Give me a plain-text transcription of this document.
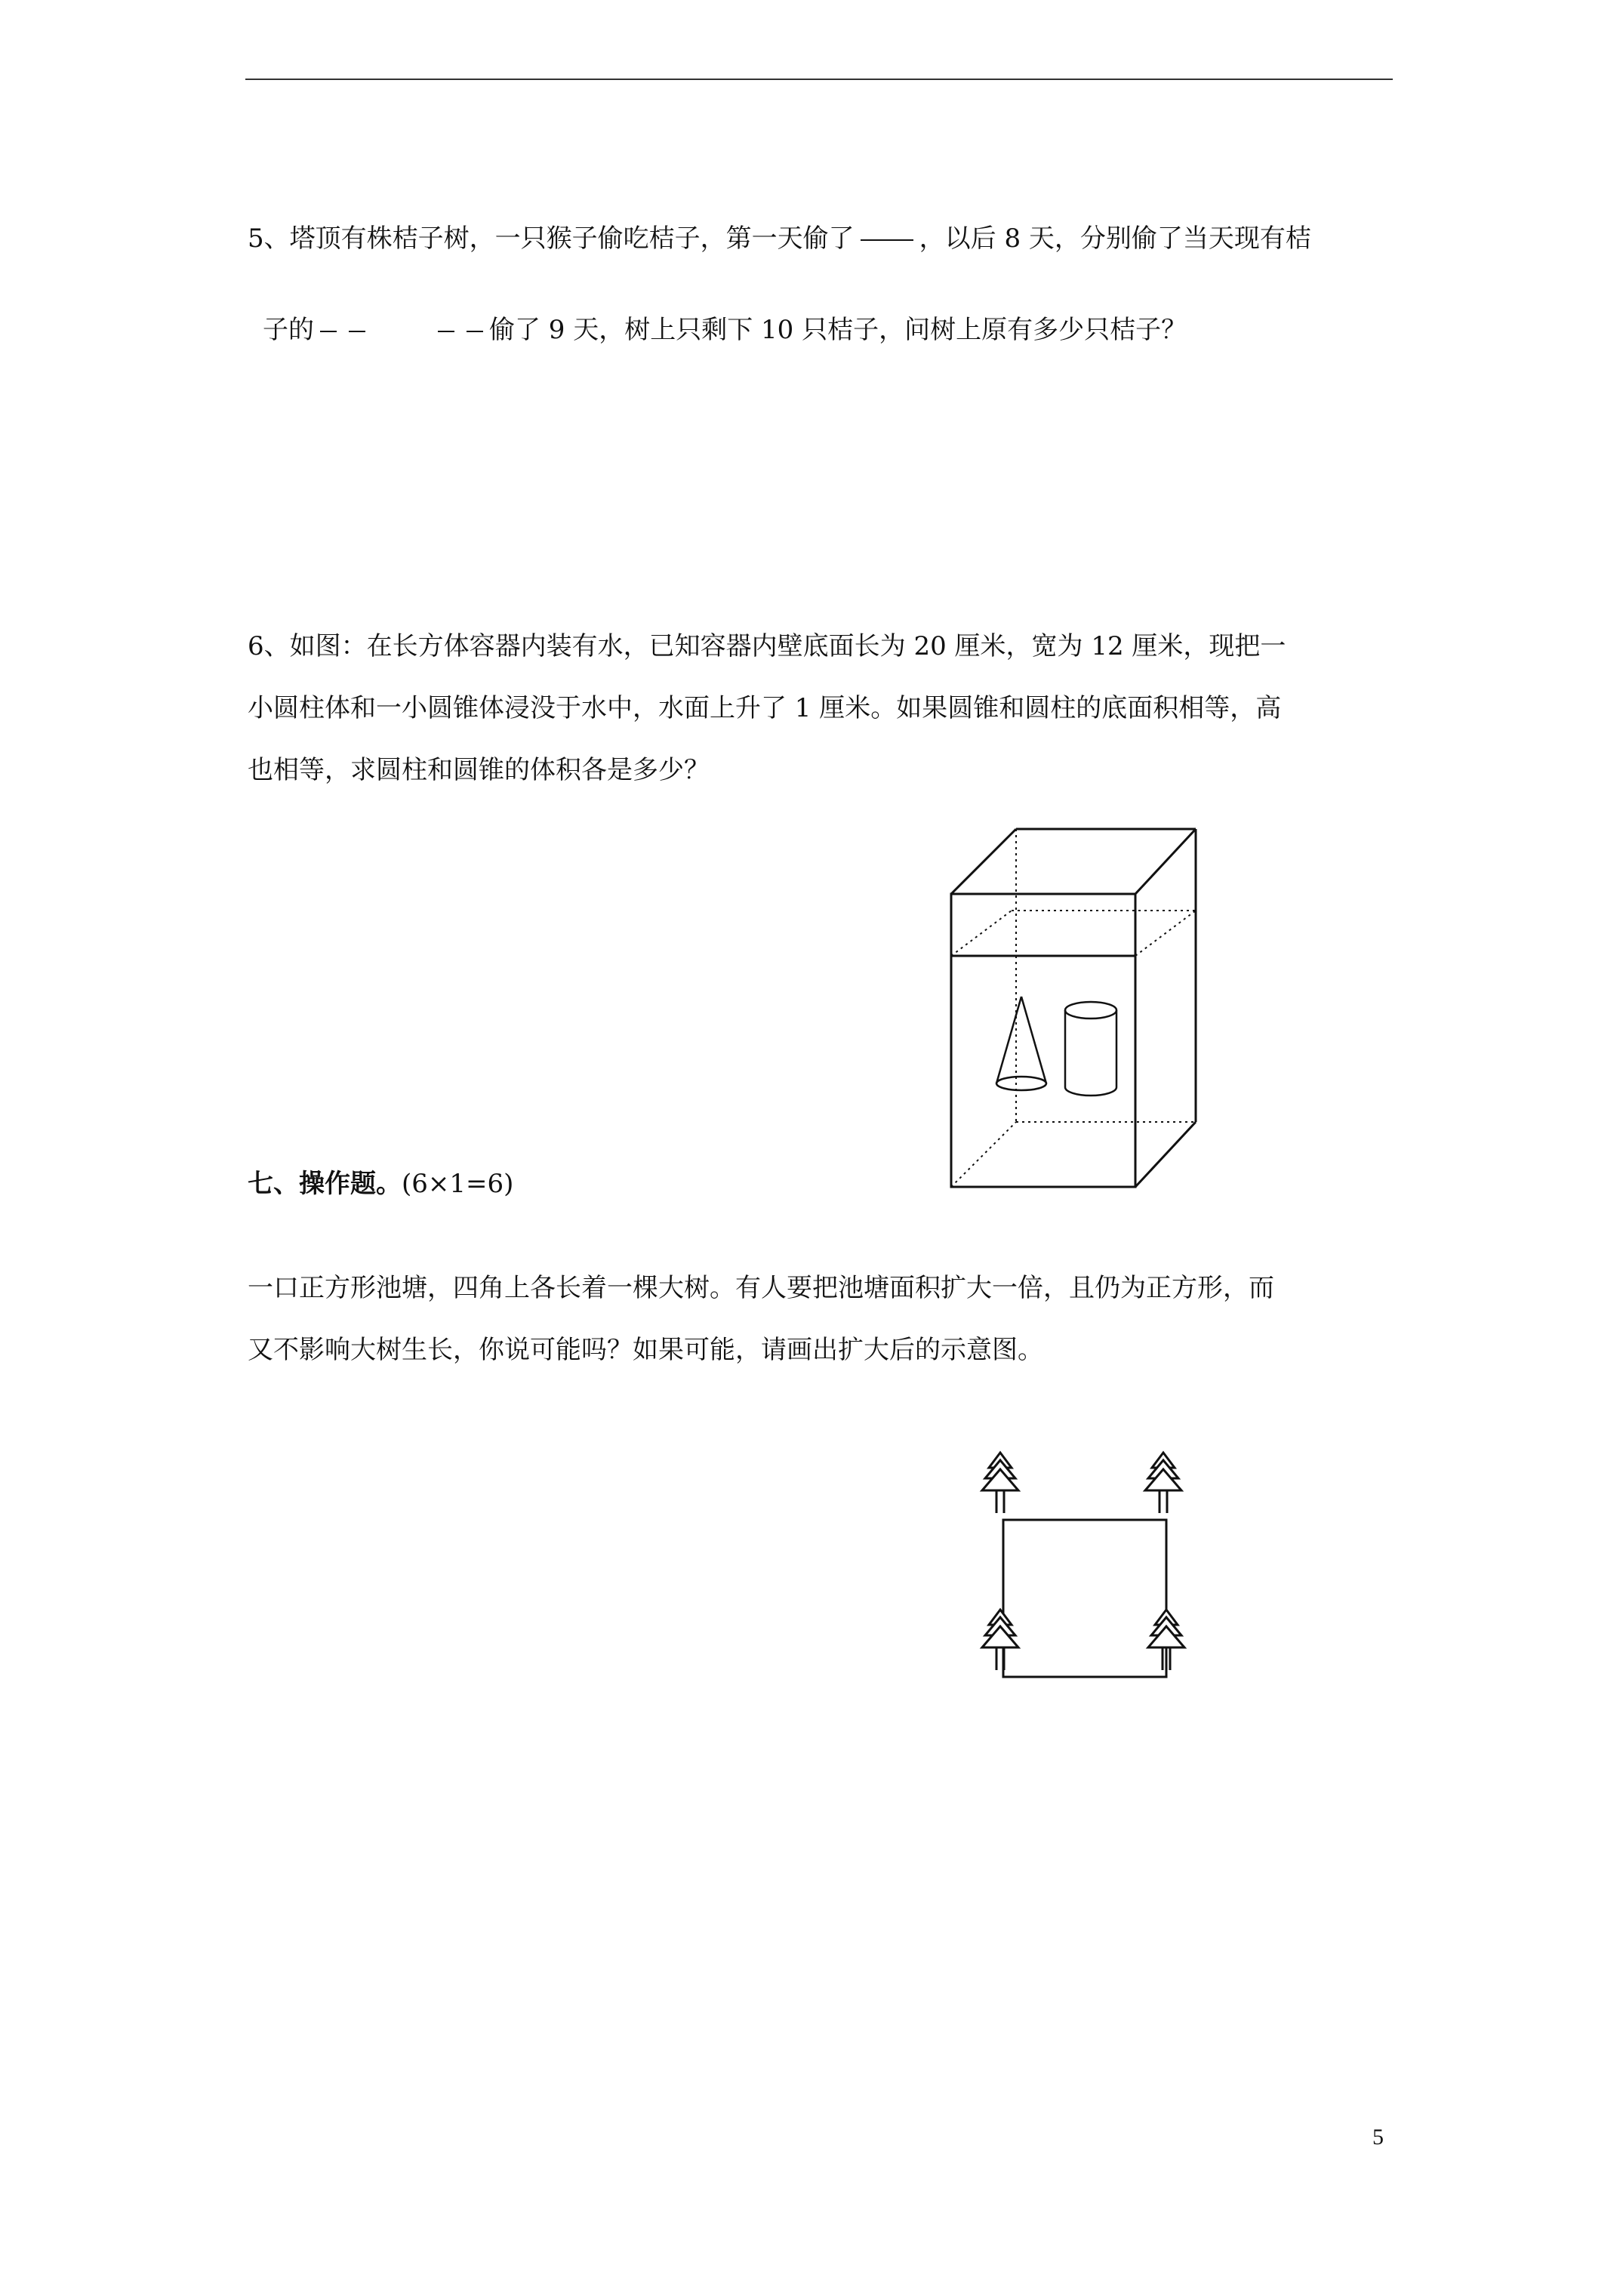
5、塔顶有株桔子树，一只猴子偷吃桔子，第一天偷了	，以后 8 天，分别偷了当天现有桔
子的	偷了 9 天，树上只剩下 10 只桔子，问树上原有多少只桔子？
6、如图：在长方体容器内装有水，已知容器内壁底面长为 20 厘米，宽为 12 厘米，现把一
小圆柱体和一小圆锥体浸没于水中，水面上升了 1 厘米。如果圆锥和圆柱的底面积相等，高
也相等，求圆柱和圆锥的体积各是多少？
七、操作题。(6×1=6)
一口正方形池塘，四角上各长着一棵大树。有人要把池塘面积扩大一倍，且仍为正方形，而
又不影响大树生长，你说可能吗？如果可能，请画出扩大后的示意图。
5
